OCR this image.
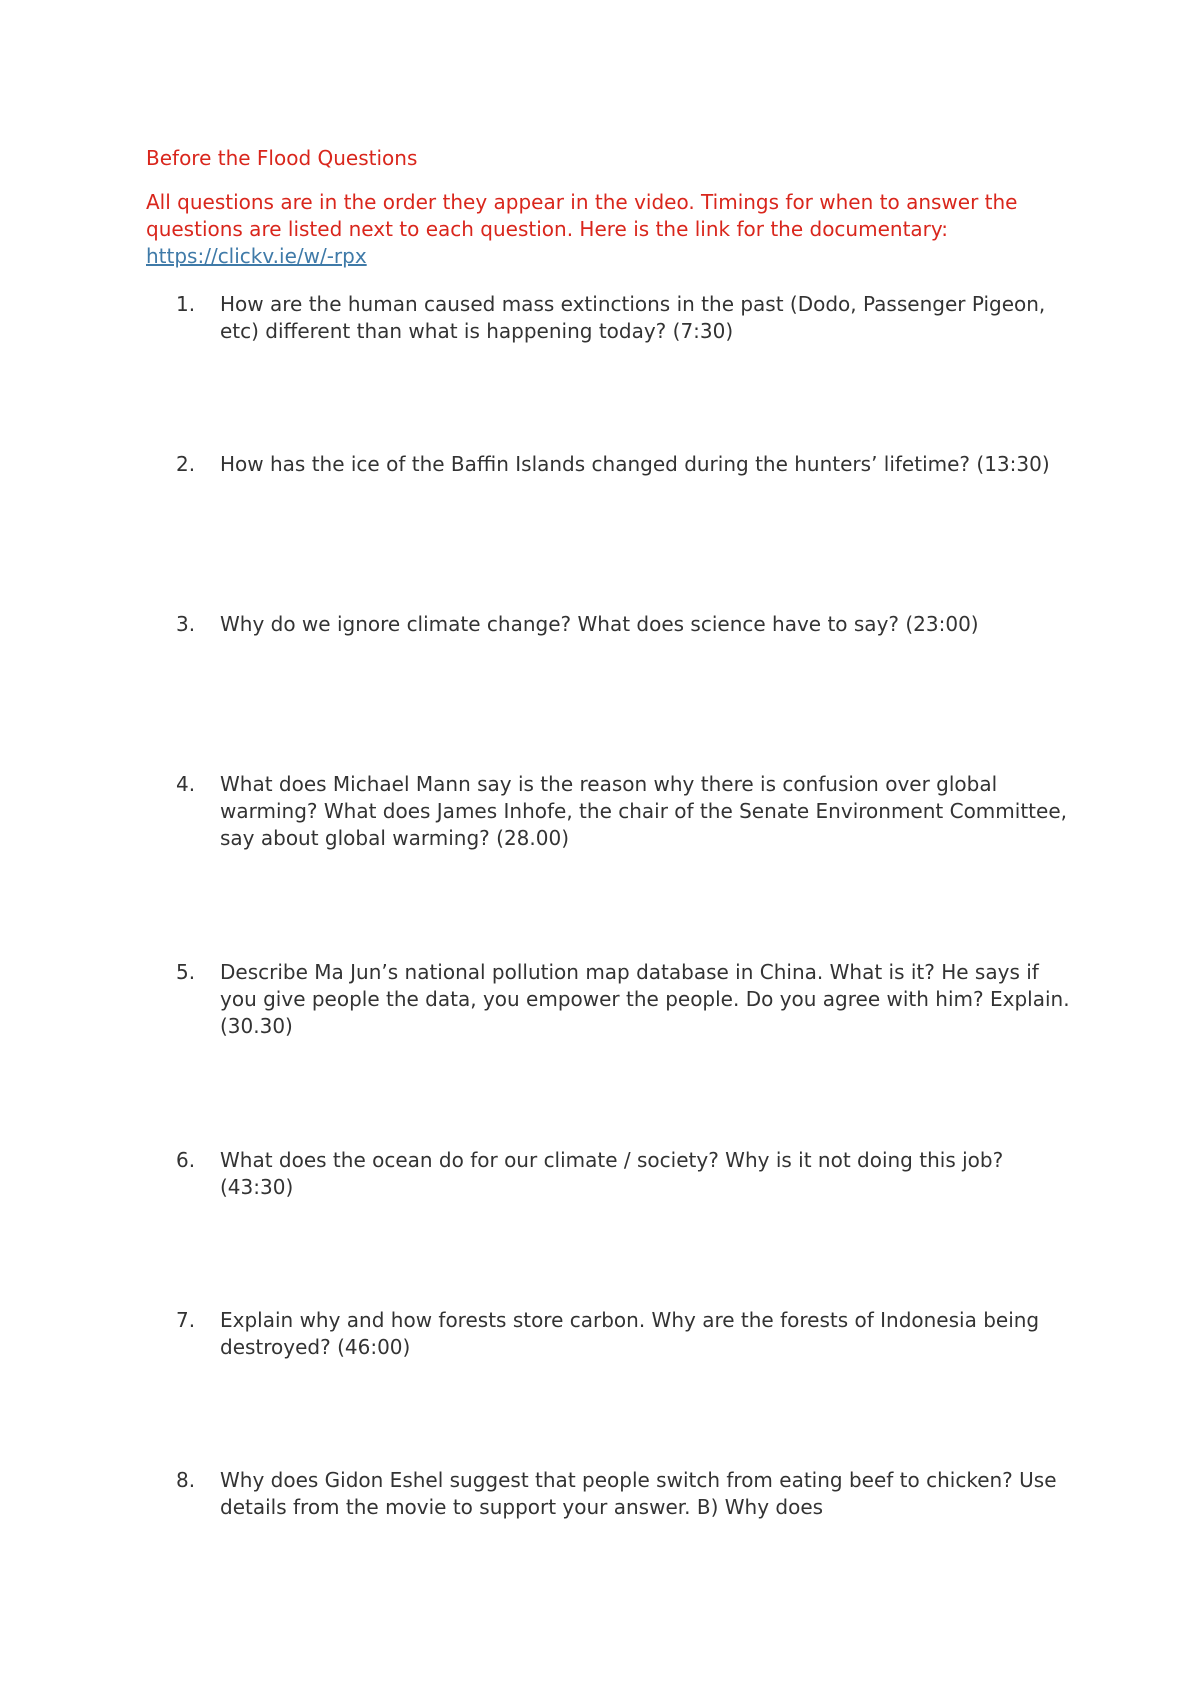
Before the Flood Questions

All questions are in the order they appear in the video. Timings for when to answer the questions are listed next to each question. Here is the link for the documentary: https://clickv.ie/w/-rpx

1.	How are the human caused mass extinctions in the past (Dodo, Passenger Pigeon, etc) different than what is happening today? (7:30)

2.	How has the ice of the Baffin Islands changed during the hunters’ lifetime? (13:30)

3.	Why do we ignore climate change? What does science have to say? (23:00)

4.	What does Michael Mann say is the reason why there is confusion over global warming? What does James Inhofe, the chair of the Senate Environment Committee, say about global warming? (28.00)

5.	Describe Ma Jun’s national pollution map database in China. What is it? He says if you give people the data, you empower the people. Do you agree with him? Explain. (30.30)

6.	What does the ocean do for our climate / society? Why is it not doing this job? (43:30)

7.	Explain why and how forests store carbon. Why are the forests of Indonesia being destroyed? (46:00)

8.	Why does Gidon Eshel suggest that people switch from eating beef to chicken? Use details from the movie to support your answer. B) Why does
